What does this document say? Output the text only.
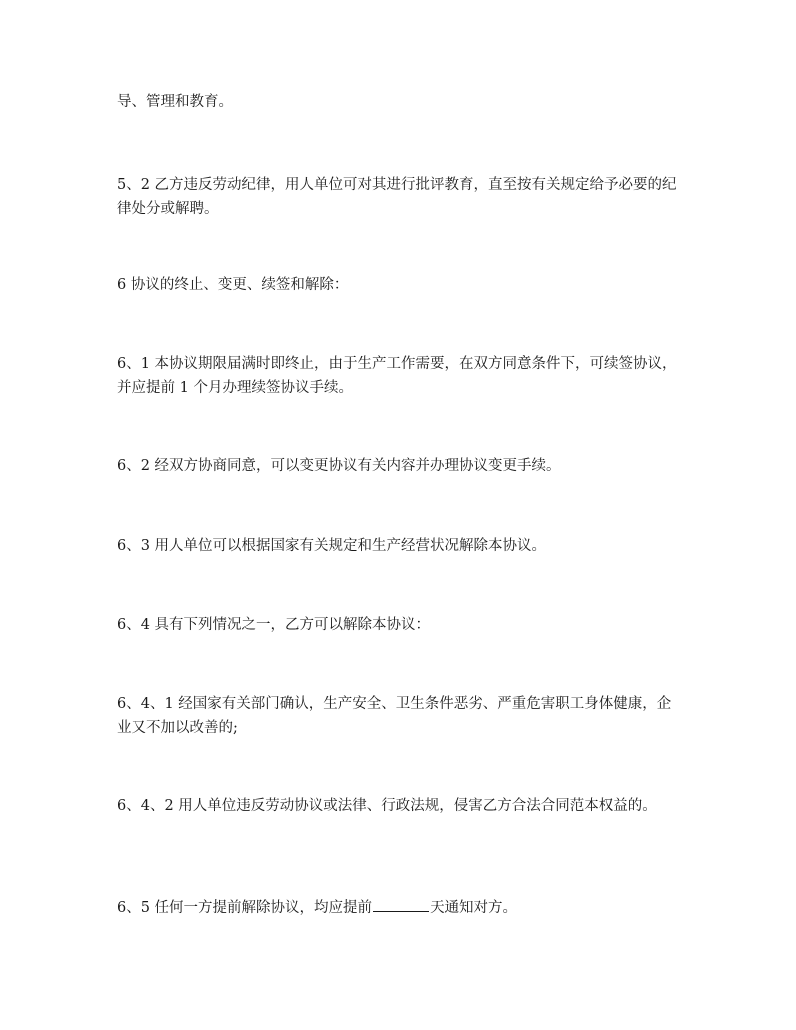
导、管理和教育。

5、2 乙方违反劳动纪律，用人单位可对其进行批评教育，直至按有关规定给予必要的纪律处分或解聘。

6 协议的终止、变更、续签和解除：

6、1 本协议期限届满时即终止，由于生产工作需要，在双方同意条件下，可续签协议，并应提前 1 个月办理续签协议手续。

6、2 经双方协商同意，可以变更协议有关内容并办理协议变更手续。

6、3 用人单位可以根据国家有关规定和生产经营状况解除本协议。

6、4 具有下列情况之一，乙方可以解除本协议：

6、4、1 经国家有关部门确认，生产安全、卫生条件恶劣、严重危害职工身体健康，企业又不加以改善的;

6、4、2 用人单位违反劳动协议或法律、行政法规，侵害乙方合法合同范本权益的。

6、5 任何一方提前解除协议，均应提前	天通知对方。
